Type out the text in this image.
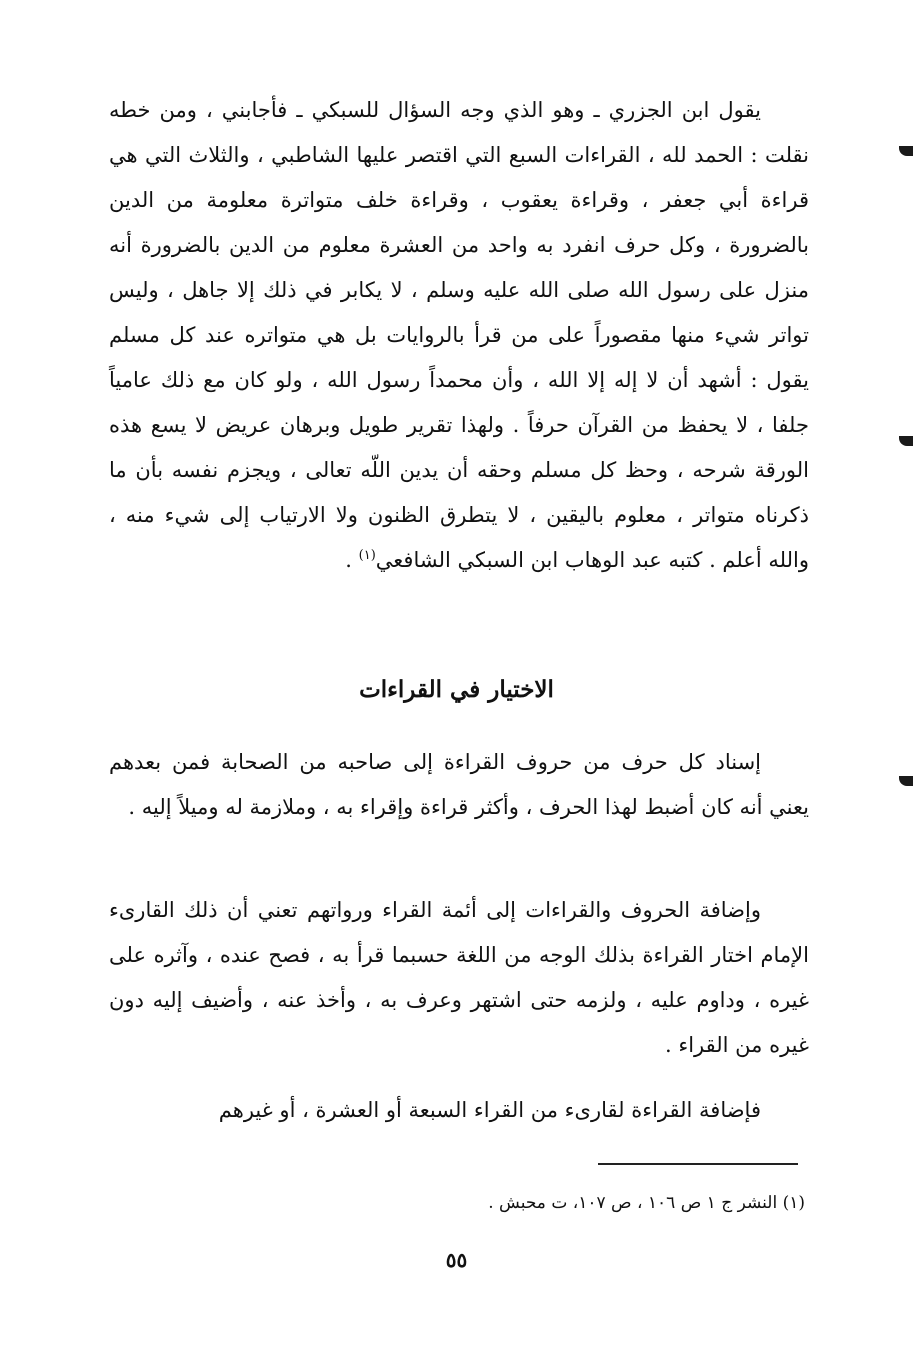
يقول ابن الجزري ـ وهو الذي وجه السؤال للسبكي ـ فأجابني ، ومن خطه نقلت : الحمد لله ، القراءات السبع التي اقتصر عليها الشاطبي ، والثلاث التي هي قراءة أبي جعفر ، وقراءة يعقوب ، وقراءة خلف متواترة معلومة من الدين بالضرورة ، وكل حرف انفرد به واحد من العشرة معلوم من الدين بالضرورة أنه منزل على رسول الله صلى الله عليه وسلم ، لا يكابر في ذلك إلا جاهل ، وليس تواتر شيء منها مقصوراً على من قرأ بالروايات بل هي متواتره عند كل مسلم يقول : أشهد أن لا إله إلا الله ، وأن محمداً رسول الله ، ولو كان مع ذلك عامياً جلفا ، لا يحفظ من القرآن حرفاً . ولهذا تقرير طويل وبرهان عريض لا يسع هذه الورقة شرحه ، وحظ كل مسلم وحقه أن يدين اللّه تعالى ، ويجزم نفسه بأن ما ذكرناه متواتر ، معلوم باليقين ، لا يتطرق الظنون ولا الارتياب إلى شيء منه ، والله أعلم . كتبه عبد الوهاب ابن السبكي الشافعي$^{(١)}$ .

الاختيار في القراءات

إسناد كل حرف من حروف القراءة إلى صاحبه من الصحابة فمن بعدهم يعني أنه كان أضبط لهذا الحرف ، وأكثر قراءة وإقراء به ، وملازمة له وميلاً إليه .

وإضافة الحروف والقراءات إلى أئمة القراء ورواتهم تعني أن ذلك القارىء الإمام اختار القراءة بذلك الوجه من اللغة حسبما قرأ به ، فصح عنده ، وآثره على غيره ، وداوم عليه ، ولزمه حتى اشتهر وعرف به ، وأخذ عنه ، وأضيف إليه دون غيره من القراء .

فإضافة القراءة لقارىء من القراء السبعة أو العشرة ، أو غيرهم

(١) النشر ج ١ ص ١٠٦ ، ص ١٠٧، ت محبش .
٥٥
